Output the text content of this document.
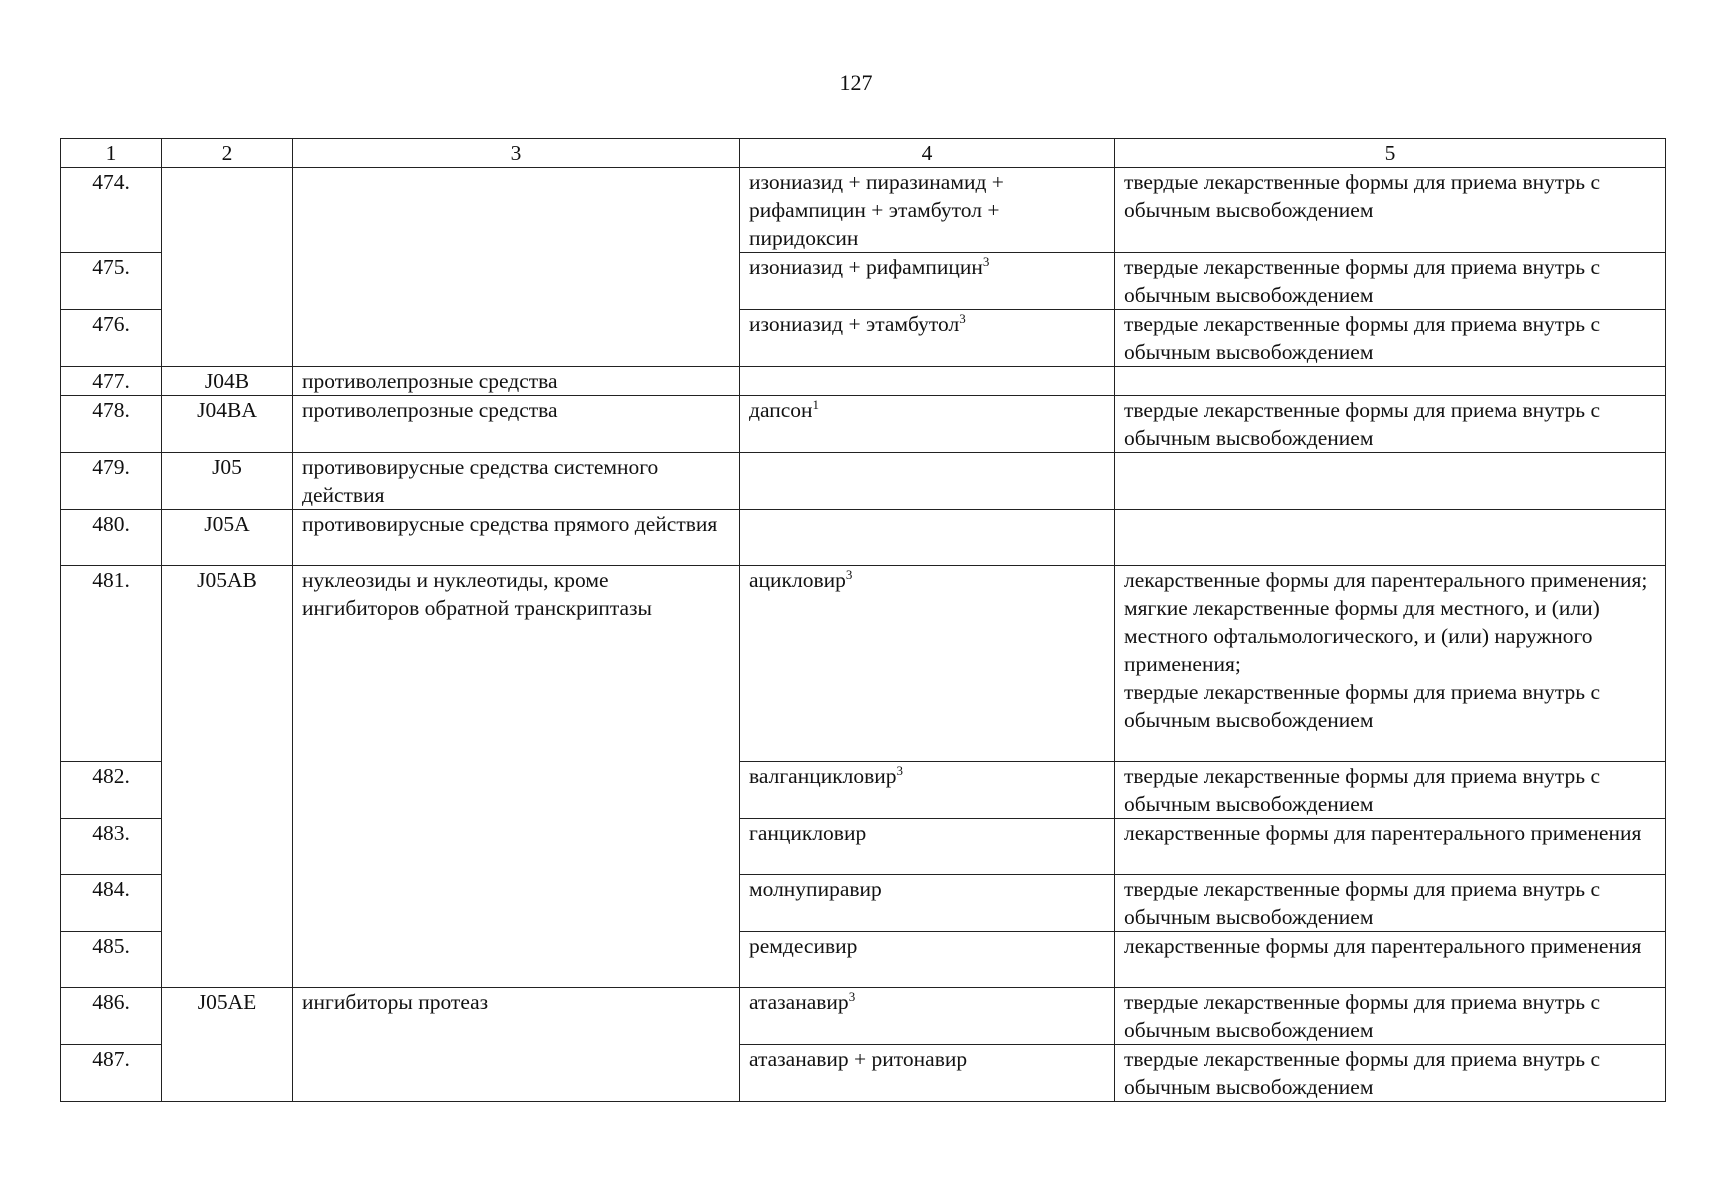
127
1	2	3	4	5
474.			изониазид + пиразинамид + рифампицин + этамбутол + пиридоксин	твердые лекарственные формы для приема внутрь с обычным высвобождением
475.			изониазид + рифампицин$^3$	твердые лекарственные формы для приема внутрь с обычным высвобождением
476.			изониазид + этамбутол$^3$	твердые лекарственные формы для приема внутрь с обычным высвобождением
477.	J04B	противолепрозные средства		
478.	J04BA	противолепрозные средства	дапсон$^1$	твердые лекарственные формы для приема внутрь с обычным высвобождением
479.	J05	противовирусные средства системного действия		
480.	J05A	противовирусные средства прямого действия		
481.	J05AB	нуклеозиды и нуклеотиды, кроме ингибиторов обратной транскриптазы	ацикловир$^3$	лекарственные формы для парентерального применения;
мягкие лекарственные формы для местного, и (или) местного офтальмологического, и (или) наружного применения;
твердые лекарственные формы для приема внутрь с обычным высвобождением

482.			валганцикловир$^3$	твердые лекарственные формы для приема внутрь с обычным высвобождением
483.			ганцикловир	лекарственные формы для парентерального применения
484.			молнупиравир	твердые лекарственные формы для приема внутрь с обычным высвобождением
485.			ремдесивир	лекарственные формы для парентерального применения
486.	J05AE	ингибиторы протеаз	атазанавир$^3$	твердые лекарственные формы для приема внутрь с обычным высвобождением
487.			атазанавир + ритонавир	твердые лекарственные формы для приема внутрь с обычным высвобождением
